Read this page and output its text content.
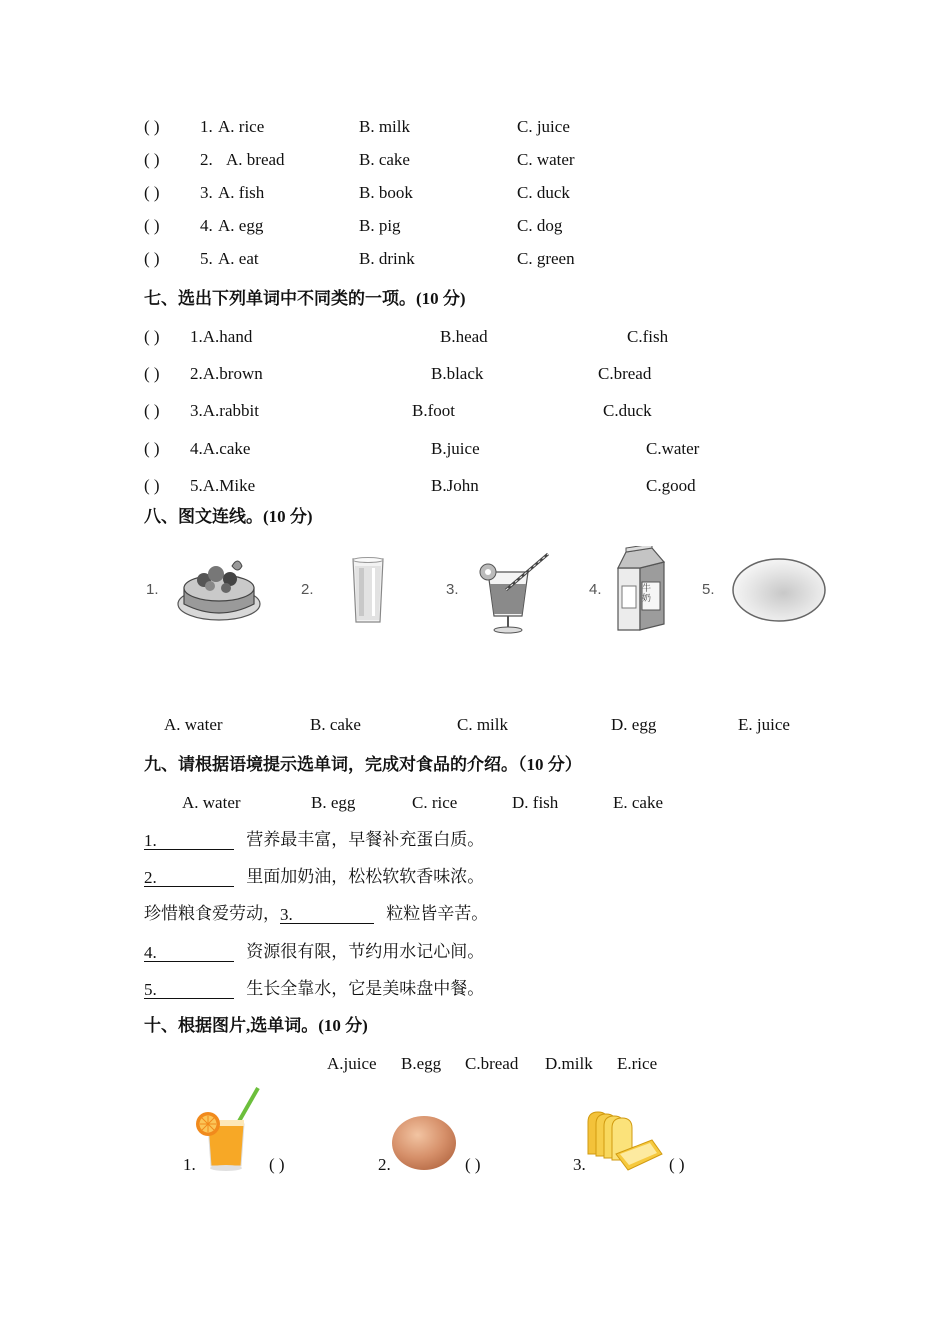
( ) 1. A. rice	B. milk	C. juice
( ) 2. A. bread	B. cake	C. water
( ) 3. A. fish	B. book	C. duck
( ) 4. A. egg	B. pig	C. dog
( ) 5. A. eat	B. drink	C. green
七、选出下列单词中不同类的一项。(10 分)
( ) 1.A.hand	B.head	C.fish
( ) 2.A.brown	B.black	C.bread
( ) 3.A.rabbit	B.foot	C.duck
( ) 4.A.cake	B.juice	C.water
( ) 5.A.Mike	B.John	C.good
八、图文连线。(10 分)
1.	2.	3.	4.	5.
牛奶
A. water	B. cake	C. milk	D. egg	E. juice
九、请根据语境提示选单词，完成对食品的介绍。（10 分）
A. water	B. egg	C. rice	D. fish	E. cake
1.	营养最丰富，早餐补充蛋白质。
2.	里面加奶油，松松软软香味浓。
珍惜粮食爱劳动，3.	粒粒皆辛苦。
4.	资源很有限，节约用水记心间。
5.	生长全靠水，它是美味盘中餐。
十、根据图片,选单词。(10 分)
A.juice B.egg C.bread D.milk E.rice
1.	( )	2.	( )	3.	( )
